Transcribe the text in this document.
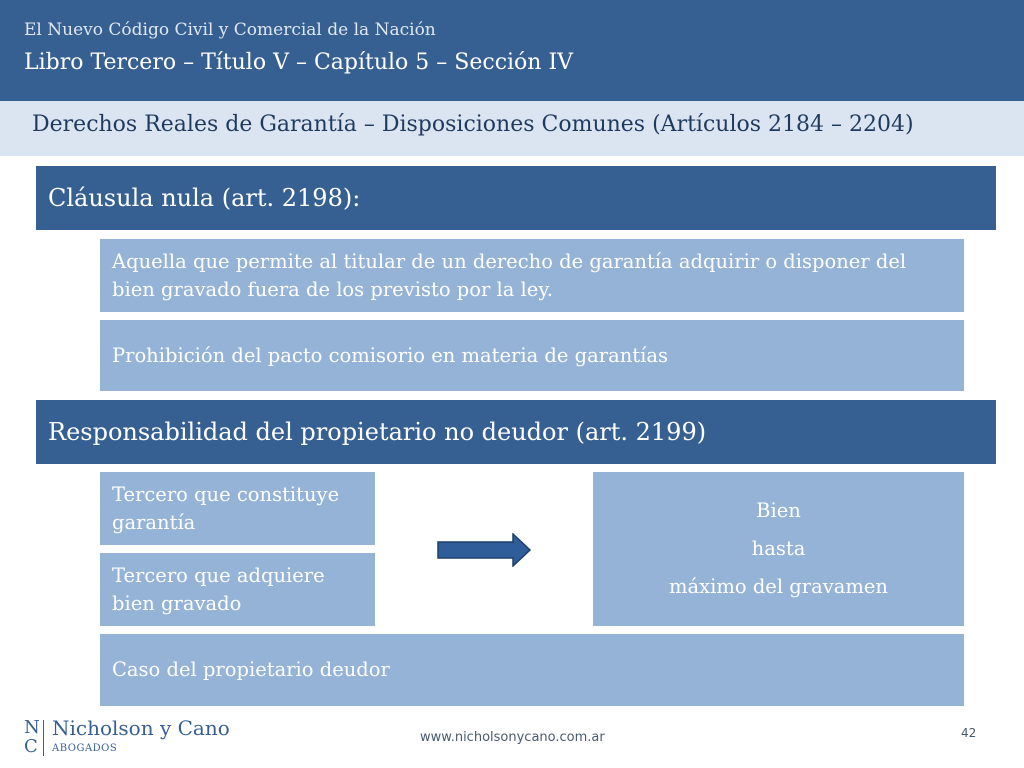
El Nuevo Código Civil y Comercial de la Nación
Libro Tercero – Título V – Capítulo 5 – Sección IV
Derechos Reales de Garantía – Disposiciones Comunes (Artículos 2184 – 2204)
Cláusula nula (art. 2198):
Aquella que permite al titular de un derecho de garantía adquirir o disponer del bien gravado fuera de los previsto por la ley.
Prohibición del pacto comisorio en materia de garantías
Responsabilidad del propietario no deudor (art. 2199)
Tercero que constituye garantía
Tercero que adquiere bien gravado
Bien
hasta
máximo del gravamen
Caso del propietario deudor
N
C
Nicholson y Cano
ABOGADOS
www.nicholsonycano.com.ar	42
